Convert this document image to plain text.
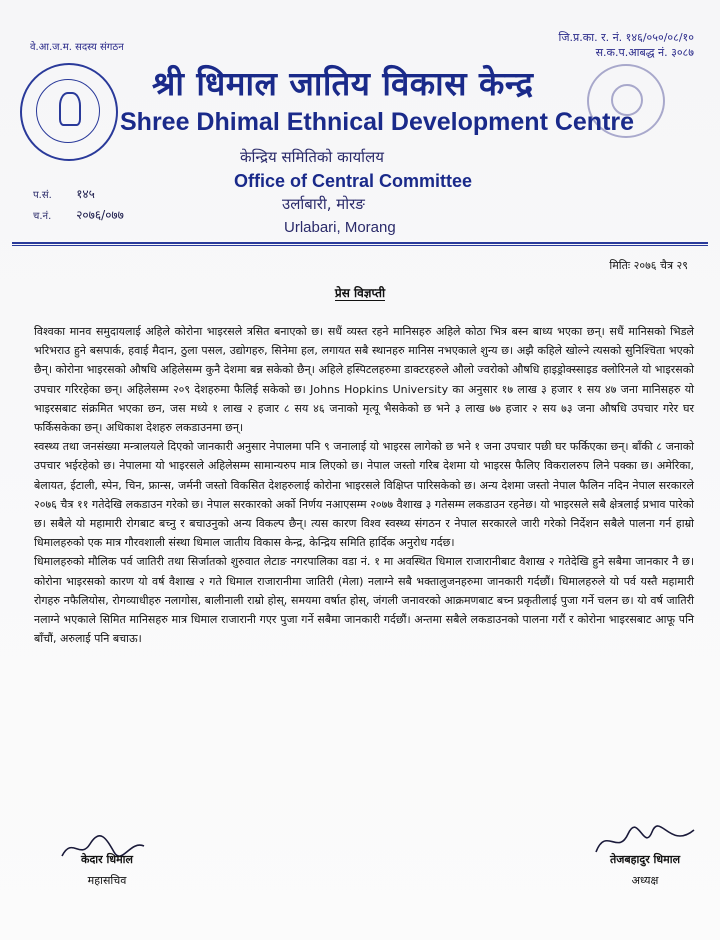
वे.आ.ज.म. सदस्य संगठन
जि.प्र.का. र. नं. १४६/०५०/०८/१०
स.क.प.आबद्ध नं. ३०८७
श्री धिमाल जातिय विकास केन्द्र
Shree Dhimal Ethnical Development Centre
केन्द्रिय समितिको कार्यालय
Office of Central Committee
उर्लाबारी, मोरङ
Urlabari, Morang
प.सं. १४५
च.नं. २०७६/०७७
मितिः २०७६ चैत्र २९
प्रेस विज्ञप्ती

विश्वका मानव समुदायलाई अहिले कोरोना भाइरसले त्रसित बनाएको छ। सधैं व्यस्त रहने मानिसहरु अहिले कोठा भित्र बस्न बाध्य भएका छन्। सधैं मानिसको भिडले भरिभराउ हुने बसपार्क, हवाई मैदान, ठुला पसल, उद्योगहरु, सिनेमा हल, लगायत सबै स्थानहरु मानिस नभएकाले शुन्य छ। अझै कहिले खोल्ने त्यसको सुनिश्चिता भएको छैन्। कोरोना भाइरसको औषधि अहिलेसम्म कुनै देशमा बन्न सकेको छैन्। अहिले हस्पिटलहरुमा डाक्टरहरुले औलो ज्वरोको औषधि हाइड्रोक्स्साइड क्लोरिनले यो भाइरसको उपचार गरिरहेका छन्। अहिलेसम्म २०९ देशहरुमा फैलिई सकेको छ। Johns Hopkins University का अनुसार १७ लाख ३ हजार १ सय ४७ जना मानिसहरु यो भाइरसबाट संक्रमित भएका छन, जस मध्ये १ लाख २ हजार ८ सय ४६ जनाको मृत्यू भैसकेको छ भने ३ लाख ७७ हजार २ सय ७३ जना औषधि उपचार गरेर घर फर्किसकेका छन्। अधिकाश देशहरु लकडाउनमा छन्।

स्वस्थ्य तथा जनसंख्या मन्त्रालयले दिएको जानकारी अनुसार नेपालमा पनि ९ जनालाई यो भाइरस लागेको छ भने १ जना उपचार पछी घर फर्किएका छन्। बाँकी ८ जनाको उपचार भईरहेको छ। नेपालमा यो भाइरसले अहिलेसम्म सामान्यरुप मात्र लिएको छ। नेपाल जस्तो गरिब देशमा यो भाइरस फैलिए विकरालरुप लिने पक्का छ। अमेरिका, बेलायत, ईटाली, स्पेन, चिन, फ्रान्स, जर्मनी जस्तो विकसित देशहरुलाई कोरोना भाइरसले विक्षिप्त पारिसकेको छ। अन्य देशमा जस्तो नेपाल फैलिन नदिन नेपाल सरकारले २०७६ चैत्र ११ गतेदेखि लकडाउन गरेको छ। नेपाल सरकारको अर्को निर्णय नआएसम्म २०७७ वैशाख ३ गतेसम्म लकडाउन रहनेछ। यो भाइरसले सबै क्षेत्रलाई प्रभाव पारेको छ। सबैले यो महामारी रोगबाट बच्नु र बचाउनुको अन्य विकल्प छैन्। त्यस कारण विश्व स्वस्थ्य संगठन र नेपाल सरकारले जारी गरेको निर्देशन सबैले पालना गर्न हाम्रो धिमालहरुको एक मात्र गौरवशाली संस्था धिमाल जातीय विकास केन्द्र, केन्द्रिय समिति हार्दिक अनुरोध गर्दछ।

धिमालहरुको मौलिक पर्व जातिरी तथा सिर्जातको शुरुवात लेटाङ नगरपालिका वडा नं. १ मा अवस्थित धिमाल राजारानीबाट वैशाख २ गतेदेखि हुने सबैमा जानकार नै छ। कोरोना भाइरसको कारण यो वर्ष वैशाख २ गते धिमाल राजारानीमा जातिरी (मेला) नलाग्ने सबै भक्तालुजनहरुमा जानकारी गर्दछौं। धिमालहरुले यो पर्व यस्तै महामारी रोगहरु नफैलियोस, रोगव्याधीहरु नलागोस, बालीनाली राम्रो होस्, समयमा वर्षात होस्, जंगली जनावरको आक्रमणबाट बच्न प्रकृतीलाई पुजा गर्ने चलन छ। यो वर्ष जातिरी नलाग्ने भएकाले सिमित मानिसहरु मात्र धिमाल राजारानी गएर पुजा गर्ने सबैमा जानकारी गर्दछौं। अन्तमा सबैले लकडाउनको पालना गरौं र कोरोना भाइरसबाट आफू पनि बाँचौं, अरुलाई पनि बचाऊ।

केदार धिमाल
महासचिव
तेजबहादुर धिमाल
अध्यक्ष
